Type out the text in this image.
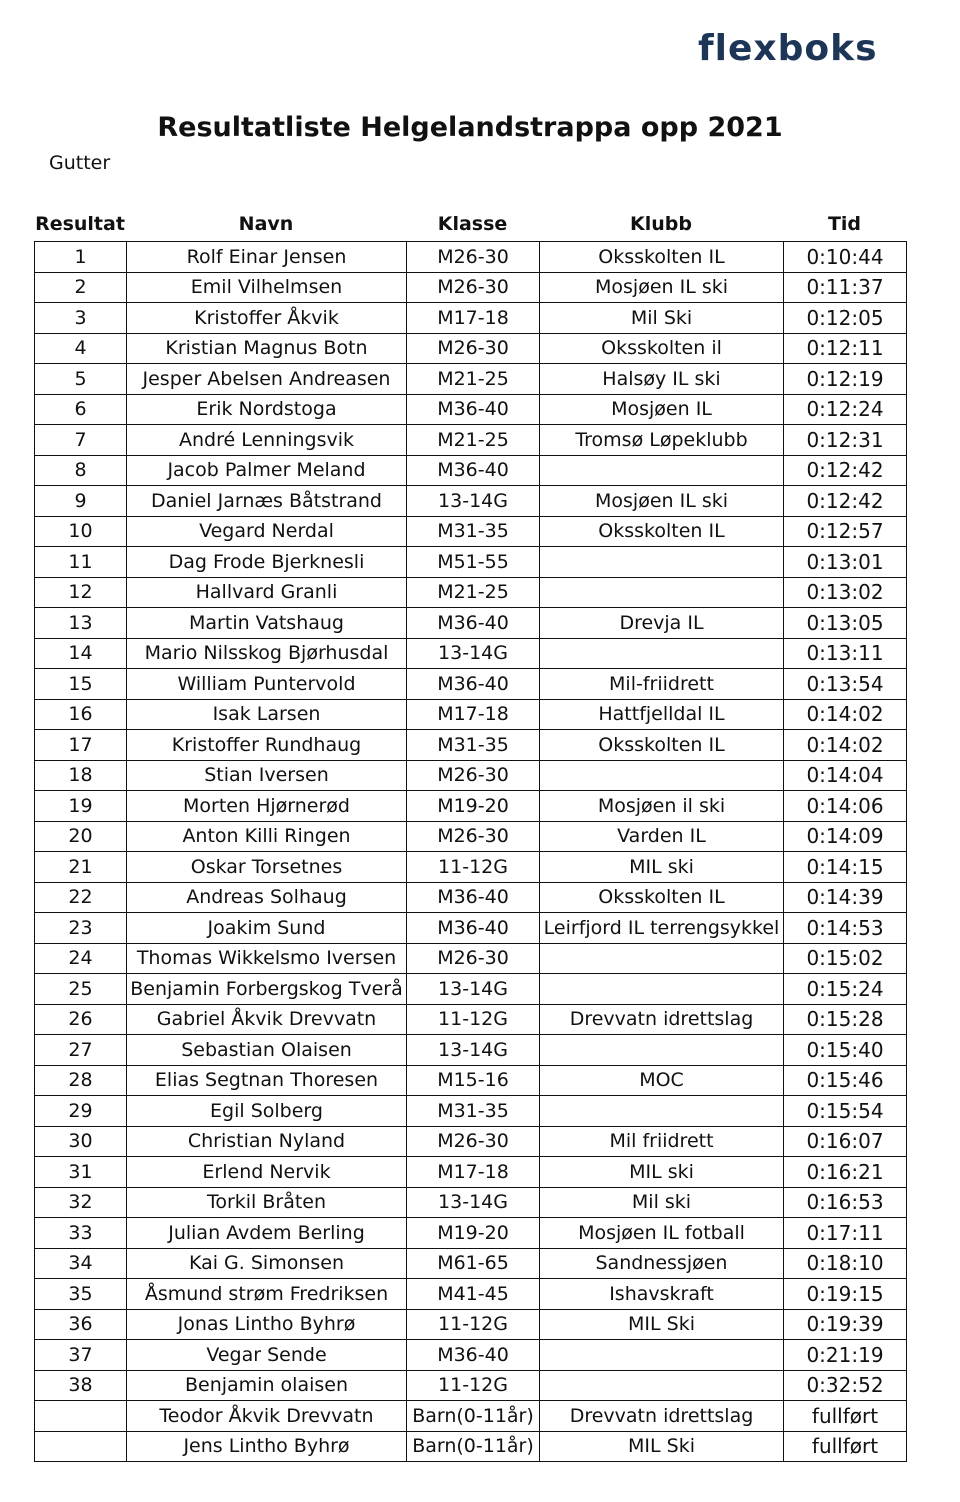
flexboks
Resultatliste Helgelandstrappa opp 2021
Gutter
Resultat	Navn	Klasse	Klubb	Tid
1	Rolf Einar Jensen	M26-30	Oksskolten IL	0:10:44
2	Emil Vilhelmsen	M26-30	Mosjøen IL ski	0:11:37
3	Kristoffer Åkvik	M17-18	Mil Ski	0:12:05
4	Kristian Magnus Botn	M26-30	Oksskolten il	0:12:11
5	Jesper Abelsen Andreasen	M21-25	Halsøy IL ski	0:12:19
6	Erik Nordstoga	M36-40	Mosjøen IL	0:12:24
7	André Lenningsvik	M21-25	Tromsø Løpeklubb	0:12:31
8	Jacob Palmer Meland	M36-40		0:12:42
9	Daniel Jarnæs Båtstrand	13-14G	Mosjøen IL ski	0:12:42
10	Vegard Nerdal	M31-35	Oksskolten IL	0:12:57
11	Dag Frode Bjerknesli	M51-55		0:13:01
12	Hallvard Granli	M21-25		0:13:02
13	Martin Vatshaug	M36-40	Drevja IL	0:13:05
14	Mario Nilsskog Bjørhusdal	13-14G		0:13:11
15	William Puntervold	M36-40	Mil-friidrett	0:13:54
16	Isak Larsen	M17-18	Hattfjelldal IL	0:14:02
17	Kristoffer Rundhaug	M31-35	Oksskolten IL	0:14:02
18	Stian Iversen	M26-30		0:14:04
19	Morten Hjørnerød	M19-20	Mosjøen il ski	0:14:06
20	Anton Killi Ringen	M26-30	Varden IL	0:14:09
21	Oskar Torsetnes	11-12G	MIL ski	0:14:15
22	Andreas Solhaug	M36-40	Oksskolten IL	0:14:39
23	Joakim Sund	M36-40	Leirfjord IL terrengsykkel	0:14:53
24	Thomas Wikkelsmo Iversen	M26-30		0:15:02
25	Benjamin Forbergskog Tverå	13-14G		0:15:24
26	Gabriel Åkvik Drevvatn	11-12G	Drevvatn idrettslag	0:15:28
27	Sebastian Olaisen	13-14G		0:15:40
28	Elias Segtnan Thoresen	M15-16	MOC	0:15:46
29	Egil Solberg	M31-35		0:15:54
30	Christian Nyland	M26-30	Mil friidrett	0:16:07
31	Erlend Nervik	M17-18	MIL ski	0:16:21
32	Torkil Bråten	13-14G	Mil ski	0:16:53
33	Julian Avdem Berling	M19-20	Mosjøen IL fotball	0:17:11
34	Kai G. Simonsen	M61-65	Sandnessjøen	0:18:10
35	Åsmund strøm Fredriksen	M41-45	Ishavskraft	0:19:15
36	Jonas Lintho Byhrø	11-12G	MIL Ski	0:19:39
37	Vegar Sende	M36-40		0:21:19
38	Benjamin olaisen	11-12G		0:32:52
	Teodor Åkvik Drevvatn	Barn(0-11år)	Drevvatn idrettslag	fullført
	Jens Lintho Byhrø	Barn(0-11år)	MIL Ski	fullført
